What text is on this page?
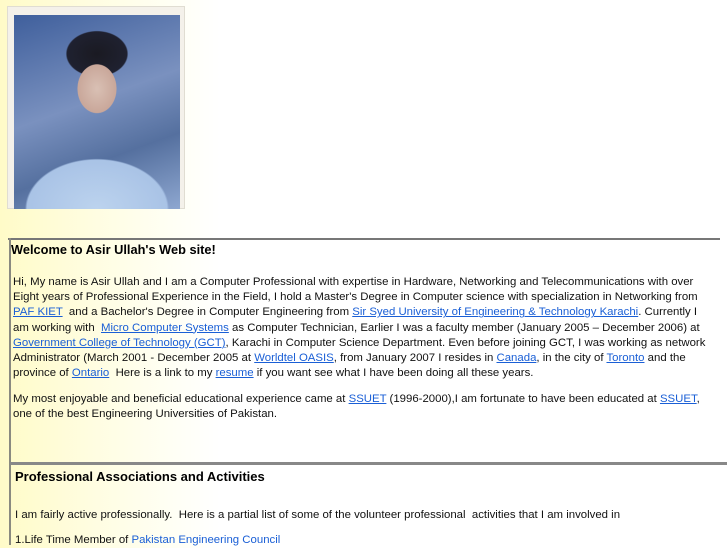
Welcome to Asir Ullah's Web site!
Hi, My name is Asir Ullah and I am a Computer Professional with expertise in Hardware, Networking and Telecommunications with over
Eight years of Professional Experience in the Field, I hold a Master's Degree in Computer science with specialization in Networking from
PAF KIET  and a Bachelor's Degree in Computer Engineering from Sir Syed University of Engineering & Technology Karachi. Currently I
am working with  Micro Computer Systems as Computer Technician, Earlier I was a faculty member (January 2005 – December 2006) at
Government College of Technology (GCT), Karachi in Computer Science Department. Even before joining GCT, I was working as network
Administrator (March 2001 - December 2005 at Worldtel OASIS, from January 2007 I resides in Canada, in the city of Toronto and the
province of Ontario  Here is a link to my resume if you want see what I have been doing all these years.
My most enjoyable and beneficial educational experience came at SSUET (1996-2000),I am fortunate to have been educated at SSUET,
one of the best Engineering Universities of Pakistan.
Professional Associations and Activities
I am fairly active professionally.  Here is a partial list of some of the volunteer professional  activities that I am involved in
1.Life Time Member of Pakistan Engineering Council
